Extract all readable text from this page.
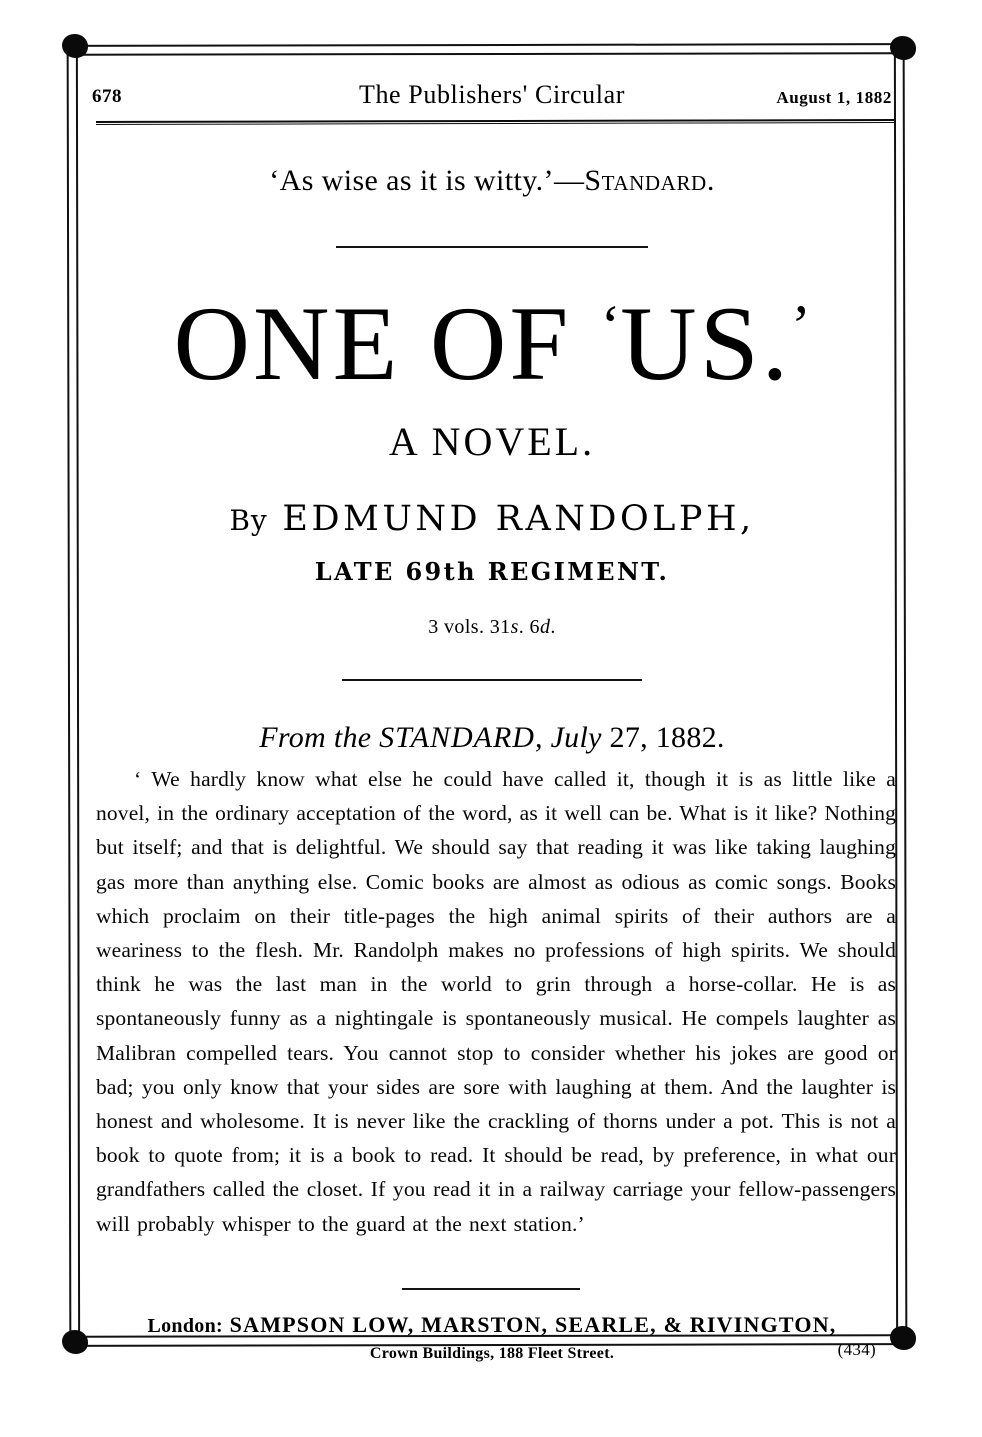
678	The Publishers' Circular	August 1, 1882
‘As wise as it is witty.’—Standard.
ONE OF ‘US.’
A NOVEL.
By EDMUND RANDOLPH,
LATE 69th REGIMENT.
3 vols. 31s. 6d.
From the STANDARD, July 27, 1882.
‘ We hardly know what else he could have called it, though it is as little like a novel, in the ordinary acceptation of the word, as it well can be. What is it like? Nothing but itself; and that is delightful. We should say that reading it was like taking laughing gas more than anything else. Comic books are almost as odious as comic songs. Books which proclaim on their title-pages the high animal spirits of their authors are a weariness to the flesh. Mr. Randolph makes no professions of high spirits. We should think he was the last man in the world to grin through a horse-collar. He is as spontaneously funny as a nightingale is spontaneously musical. He compels laughter as Malibran compelled tears. You cannot stop to consider whether his jokes are good or bad; you only know that your sides are sore with laughing at them. And the laughter is honest and wholesome. It is never like the crackling of thorns under a pot. This is not a book to quote from; it is a book to read. It should be read, by preference, in what our grandfathers called the closet. If you read it in a railway carriage your fellow-passengers will probably whisper to the guard at the next station.’
London: SAMPSON LOW, MARSTON, SEARLE, & RIVINGTON,
Crown Buildings, 188 Fleet Street.	(434)
